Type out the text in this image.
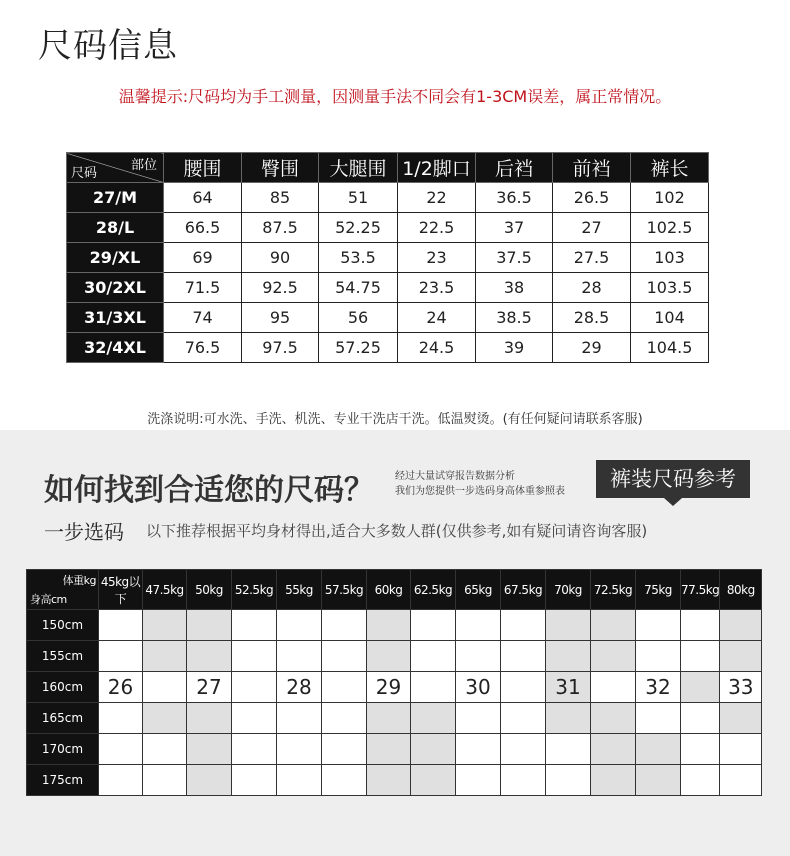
尺码信息
温馨提示:尺码均为手工测量，因测量手法不同会有1-3CM误差，属正常情况。
部位
尺码	腰围	臀围	大腿围	1/2脚口	后裆	前裆	裤长
27/M	64	85	51	22	36.5	26.5	102
28/L	66.5	87.5	52.25	22.5	37	27	102.5
29/XL	69	90	53.5	23	37.5	27.5	103
30/2XL	71.5	92.5	54.75	23.5	38	28	103.5
31/3XL	74	95	56	24	38.5	28.5	104
32/4XL	76.5	97.5	57.25	24.5	39	29	104.5
洗涤说明:可水洗、手洗、机洗、专业干洗店干洗。低温熨烫。(有任何疑问请联系客服)
如何找到合适您的尺码？ 经过大量试穿报告数据分析
我们为您提供一步选码身高体重参照表
裤装尺码参考
一步选码 以下推荐根据平均身材得出,适合大多数人群(仅供参考,如有疑问请咨询客服)
体重kg
身高cm	45kg以下	47.5kg	50kg	52.5kg	55kg	57.5kg	60kg	62.5kg	65kg	67.5kg	70kg	72.5kg	75kg	77.5kg	80kg
150cm															
155cm															
160cm	26		27		28		29		30		31		32		33
165cm															
170cm															
175cm															
